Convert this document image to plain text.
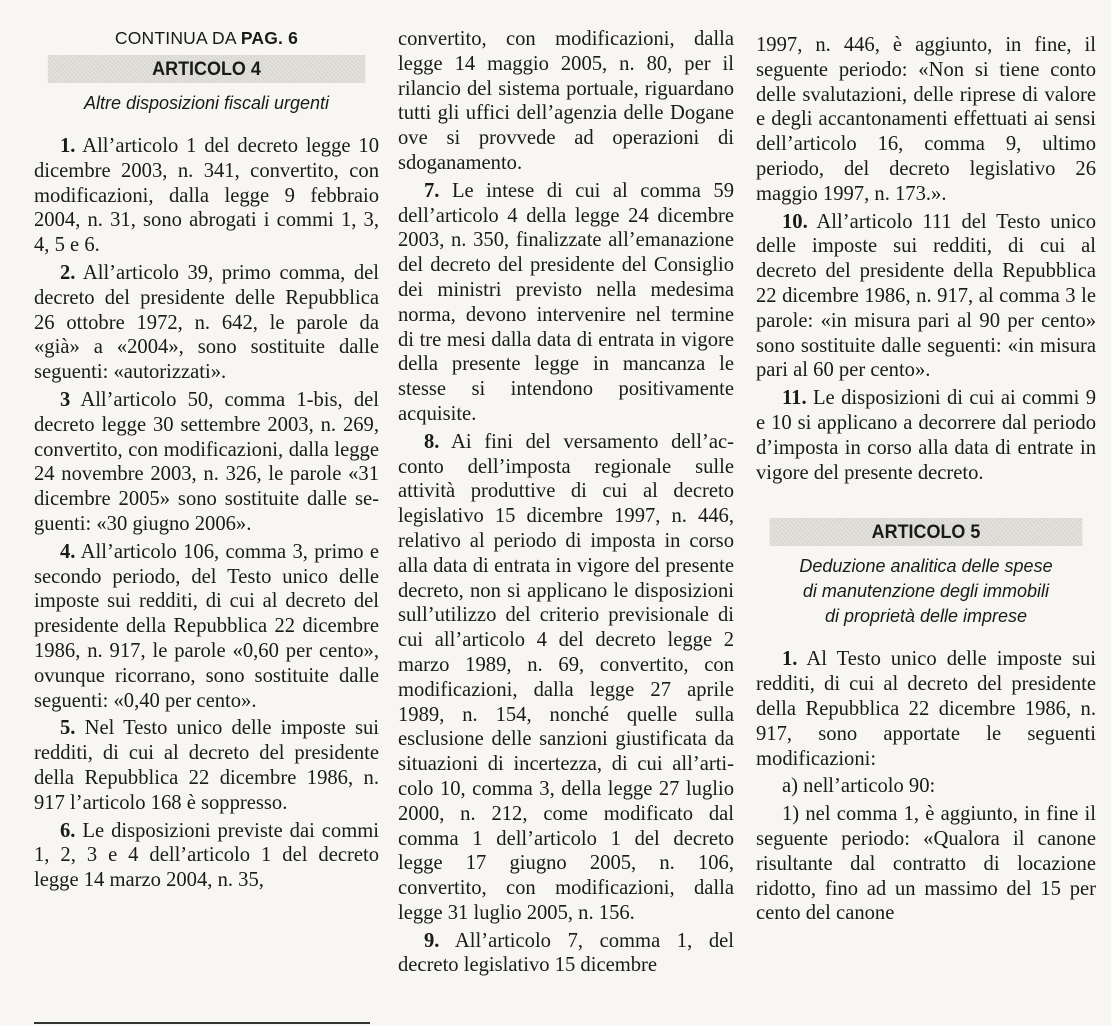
CONTINUA DA PAG. 6
ARTICOLO 4
Altre disposizioni fiscali urgenti

1. All’articolo 1 del decreto legge 10 dicembre 2003, n. 341, convertito, con modificazioni, dalla legge 9 febbraio 2004, n. 31, sono abrogati i commi 1, 3, 4, 5 e 6.

2. All’articolo 39, primo comma, del decreto del presidente delle Repubblica 26 ottobre 1972, n. 642, le parole da «già» a «2004», sono sostituite dalle seguenti: «autorizzati».

3 All’articolo 50, comma 1-bis, del decreto legge 30 settembre 2003, n. 269, convertito, con modificazioni, dalla legge 24 novembre 2003, n. 326, le parole «31 dicembre 2005» sono sostituite dalle seguenti: «30 giugno 2006».

4. All’articolo 106, comma 3, primo e secondo periodo, del Testo unico delle imposte sui redditi, di cui al decreto del presidente della Repubblica 22 dicembre 1986, n. 917, le parole «0,60 per cento», ovunque ricorrano, sono sostituite dalle seguenti: «0,40 per cento».

5. Nel Testo unico delle imposte sui redditi, di cui al decreto del presidente della Repubblica 22 dicembre 1986, n. 917 l’articolo 168 è soppresso.

6. Le disposizioni previste dai commi 1, 2, 3 e 4 dell’articolo 1 del decreto legge 14 marzo 2004, n. 35,

convertito, con modificazioni, dalla legge 14 maggio 2005, n. 80, per il rilancio del sistema portuale, riguardano tutti gli uffici dell’agenzia delle Dogane ove si provvede ad operazioni di sdoganamento.

7. Le intese di cui al comma 59 dell’articolo 4 della legge 24 dicembre 2003, n. 350, finalizzate all’emanazione del decreto del presidente del Consiglio dei ministri previsto nella medesima norma, devono intervenire nel termine di tre mesi dalla data di entrata in vigore della presente legge in mancanza le stesse si intendono positivamente acquisite.

8. Ai fini del versamento dell’acconto dell’imposta regionale sulle attività produttive di cui al decreto legislativo 15 dicembre 1997, n. 446, relativo al periodo di imposta in corso alla data di entrata in vigore del presente decreto, non si applicano le disposizioni sull’utilizzo del criterio previsionale di cui all’articolo 4 del decreto legge 2 marzo 1989, n. 69, convertito, con modificazioni, dalla legge 27 aprile 1989, n. 154, nonché quelle sulla esclusione delle sanzioni giustificata da situazioni di incertezza, di cui all’articolo 10, comma 3, della legge 27 luglio 2000, n. 212, come modificato dal comma 1 dell’articolo 1 del decreto legge 17 giugno 2005, n. 106, convertito, con modificazioni, dalla legge 31 luglio 2005, n. 156.

9. All’articolo 7, comma 1, del decreto legislativo 15 dicembre

1997, n. 446, è aggiunto, in fine, il seguente periodo: «Non si tiene conto delle svalutazioni, delle riprese di valore e degli accantonamenti effettuati ai sensi dell’articolo 16, comma 9, ultimo periodo, del decreto legislativo 26 maggio 1997, n. 173.».

10. All’articolo 111 del Testo unico delle imposte sui redditi, di cui al decreto del presidente della Repubblica 22 dicembre 1986, n. 917, al comma 3 le parole: «in misura pari al 90 per cento» sono sostituite dalle seguenti: «in misura pari al 60 per cento».

11. Le disposizioni di cui ai commi 9 e 10 si applicano a decorrere dal periodo d’imposta in corso alla data di entrate in vigore del presente decreto.

ARTICOLO 5
Deduzione analitica delle spese
di manutenzione degli immobili
di proprietà delle imprese

1. Al Testo unico delle imposte sui redditi, di cui al decreto del presidente della Repubblica 22 dicembre 1986, n. 917, sono apportate le seguenti modificazioni:

a) nell’articolo 90:

1) nel comma 1, è aggiunto, in fine il seguente periodo: «Qualora il canone risultante dal contratto di locazione ridotto, fino ad un massimo del 15 per cento del canone
